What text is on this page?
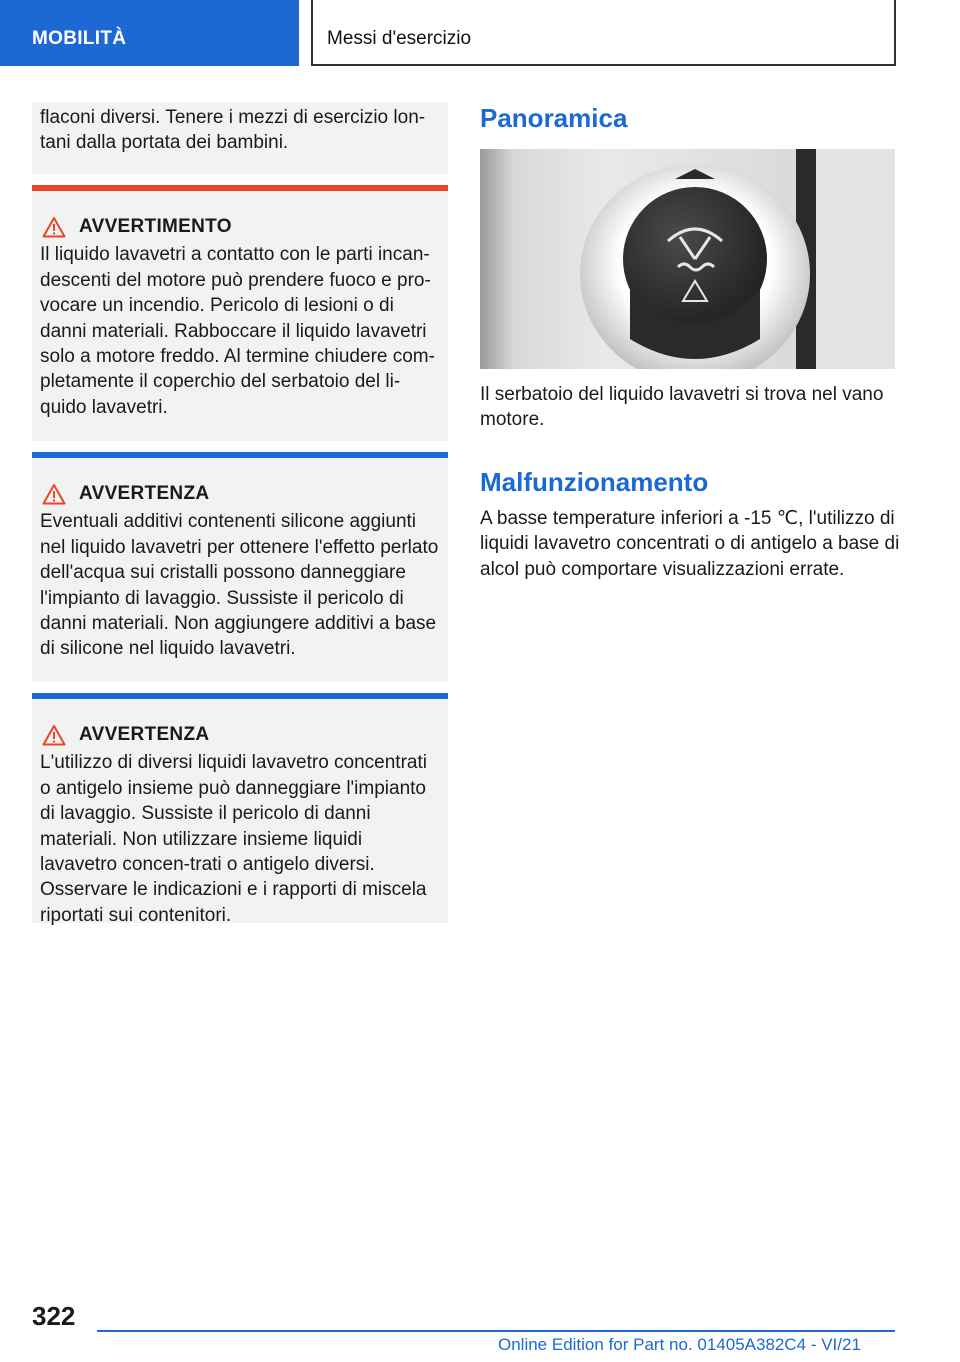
MOBILITÀ	Messi d'esercizio

flaconi diversi. Tenere i mezzi di esercizio lon‐tani dalla portata dei bambini.

AVVERTIMENTO

Il liquido lavavetri a contatto con le parti incan‐descenti del motore può prendere fuoco e pro‐vocare un incendio. Pericolo di lesioni o di danni materiali. Rabboccare il liquido lavavetri solo a motore freddo. Al termine chiudere com‐pletamente il coperchio del serbatoio del li‐quido lavavetri.

AVVERTENZA

Eventuali additivi contenenti silicone aggiunti nel liquido lavavetri per ottenere l'effetto perlato dell'acqua sui cristalli possono danneggiare l'impianto di lavaggio. Sussiste il pericolo di danni materiali. Non aggiungere additivi a base di silicone nel liquido lavavetri.

AVVERTENZA

L'utilizzo di diversi liquidi lavavetro concentrati o antigelo insieme può danneggiare l'impianto di lavaggio. Sussiste il pericolo di danni materiali. Non utilizzare insieme liquidi lavavetro concen‐trati o antigelo diversi. Osservare le indicazioni e i rapporti di miscela riportati sui contenitori.

Panoramica

Il serbatoio del liquido lavavetri si trova nel vano motore.

Malfunzionamento

A basse temperature inferiori a -15 ℃, l'utilizzo di liquidi lavavetro concentrati o di antigelo a base di alcol può comportare visualizzazioni errate.

322
Online Edition for Part no. 01405A382C4 - VI/21
